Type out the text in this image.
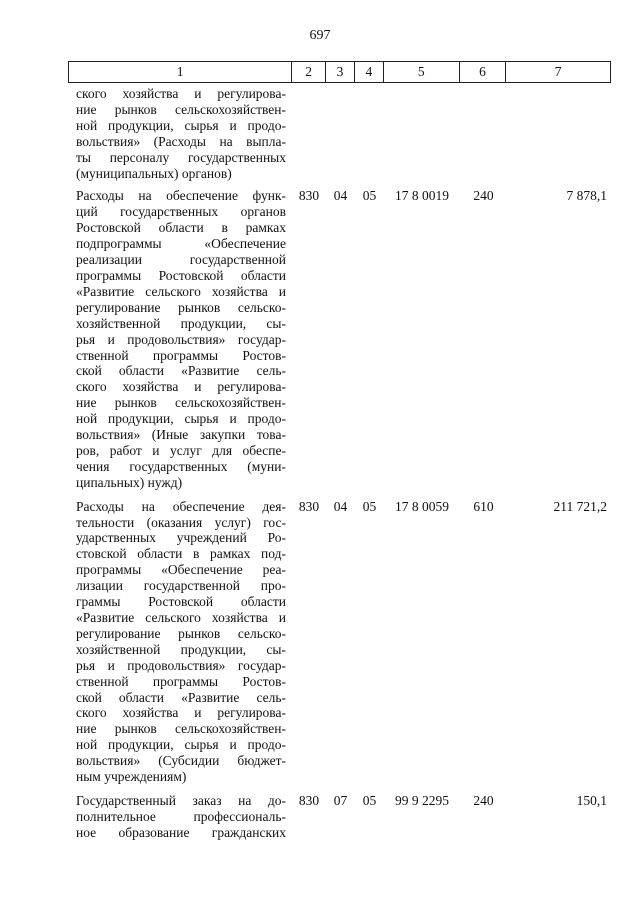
697
1	2	3	4	5	6	7
ского хозяйства и регулирова-
ние рынков сельскохозяйствен-
ной продукции, сырья и продо-
вольствия» (Расходы на выпла-
ты персоналу государственных
(муниципальных) органов)
Расходы на обеспечение функ-
ций государственных органов
Ростовской области в рамках
подпрограммы «Обеспечение
реализации государственной
программы Ростовской области
«Развитие сельского хозяйства и
регулирование рынков сельско-
хозяйственной продукции, сы-
рья и продовольствия» государ-
ственной программы Ростов-
ской области «Развитие сель-
ского хозяйства и регулирова-
ние рынков сельскохозяйствен-
ной продукции, сырья и продо-
вольствия» (Иные закупки това-
ров, работ и услуг для обеспе-
чения государственных (муни-
ципальных) нужд)
830	04	05	17 8 0019	240	7 878,1
Расходы на обеспечение дея-
тельности (оказания услуг) гос-
ударственных учреждений Ро-
стовской области в рамках под-
программы «Обеспечение реа-
лизации государственной про-
граммы Ростовской области
«Развитие сельского хозяйства и
регулирование рынков сельско-
хозяйственной продукции, сы-
рья и продовольствия» государ-
ственной программы Ростов-
ской области «Развитие сель-
ского хозяйства и регулирова-
ние рынков сельскохозяйствен-
ной продукции, сырья и продо-
вольствия» (Субсидии бюджет-
ным учреждениям)
830	04	05	17 8 0059	610	211 721,2
Государственный заказ на до-
полнительное профессиональ-
ное образование гражданских
830	07	05	99 9 2295	240	150,1
